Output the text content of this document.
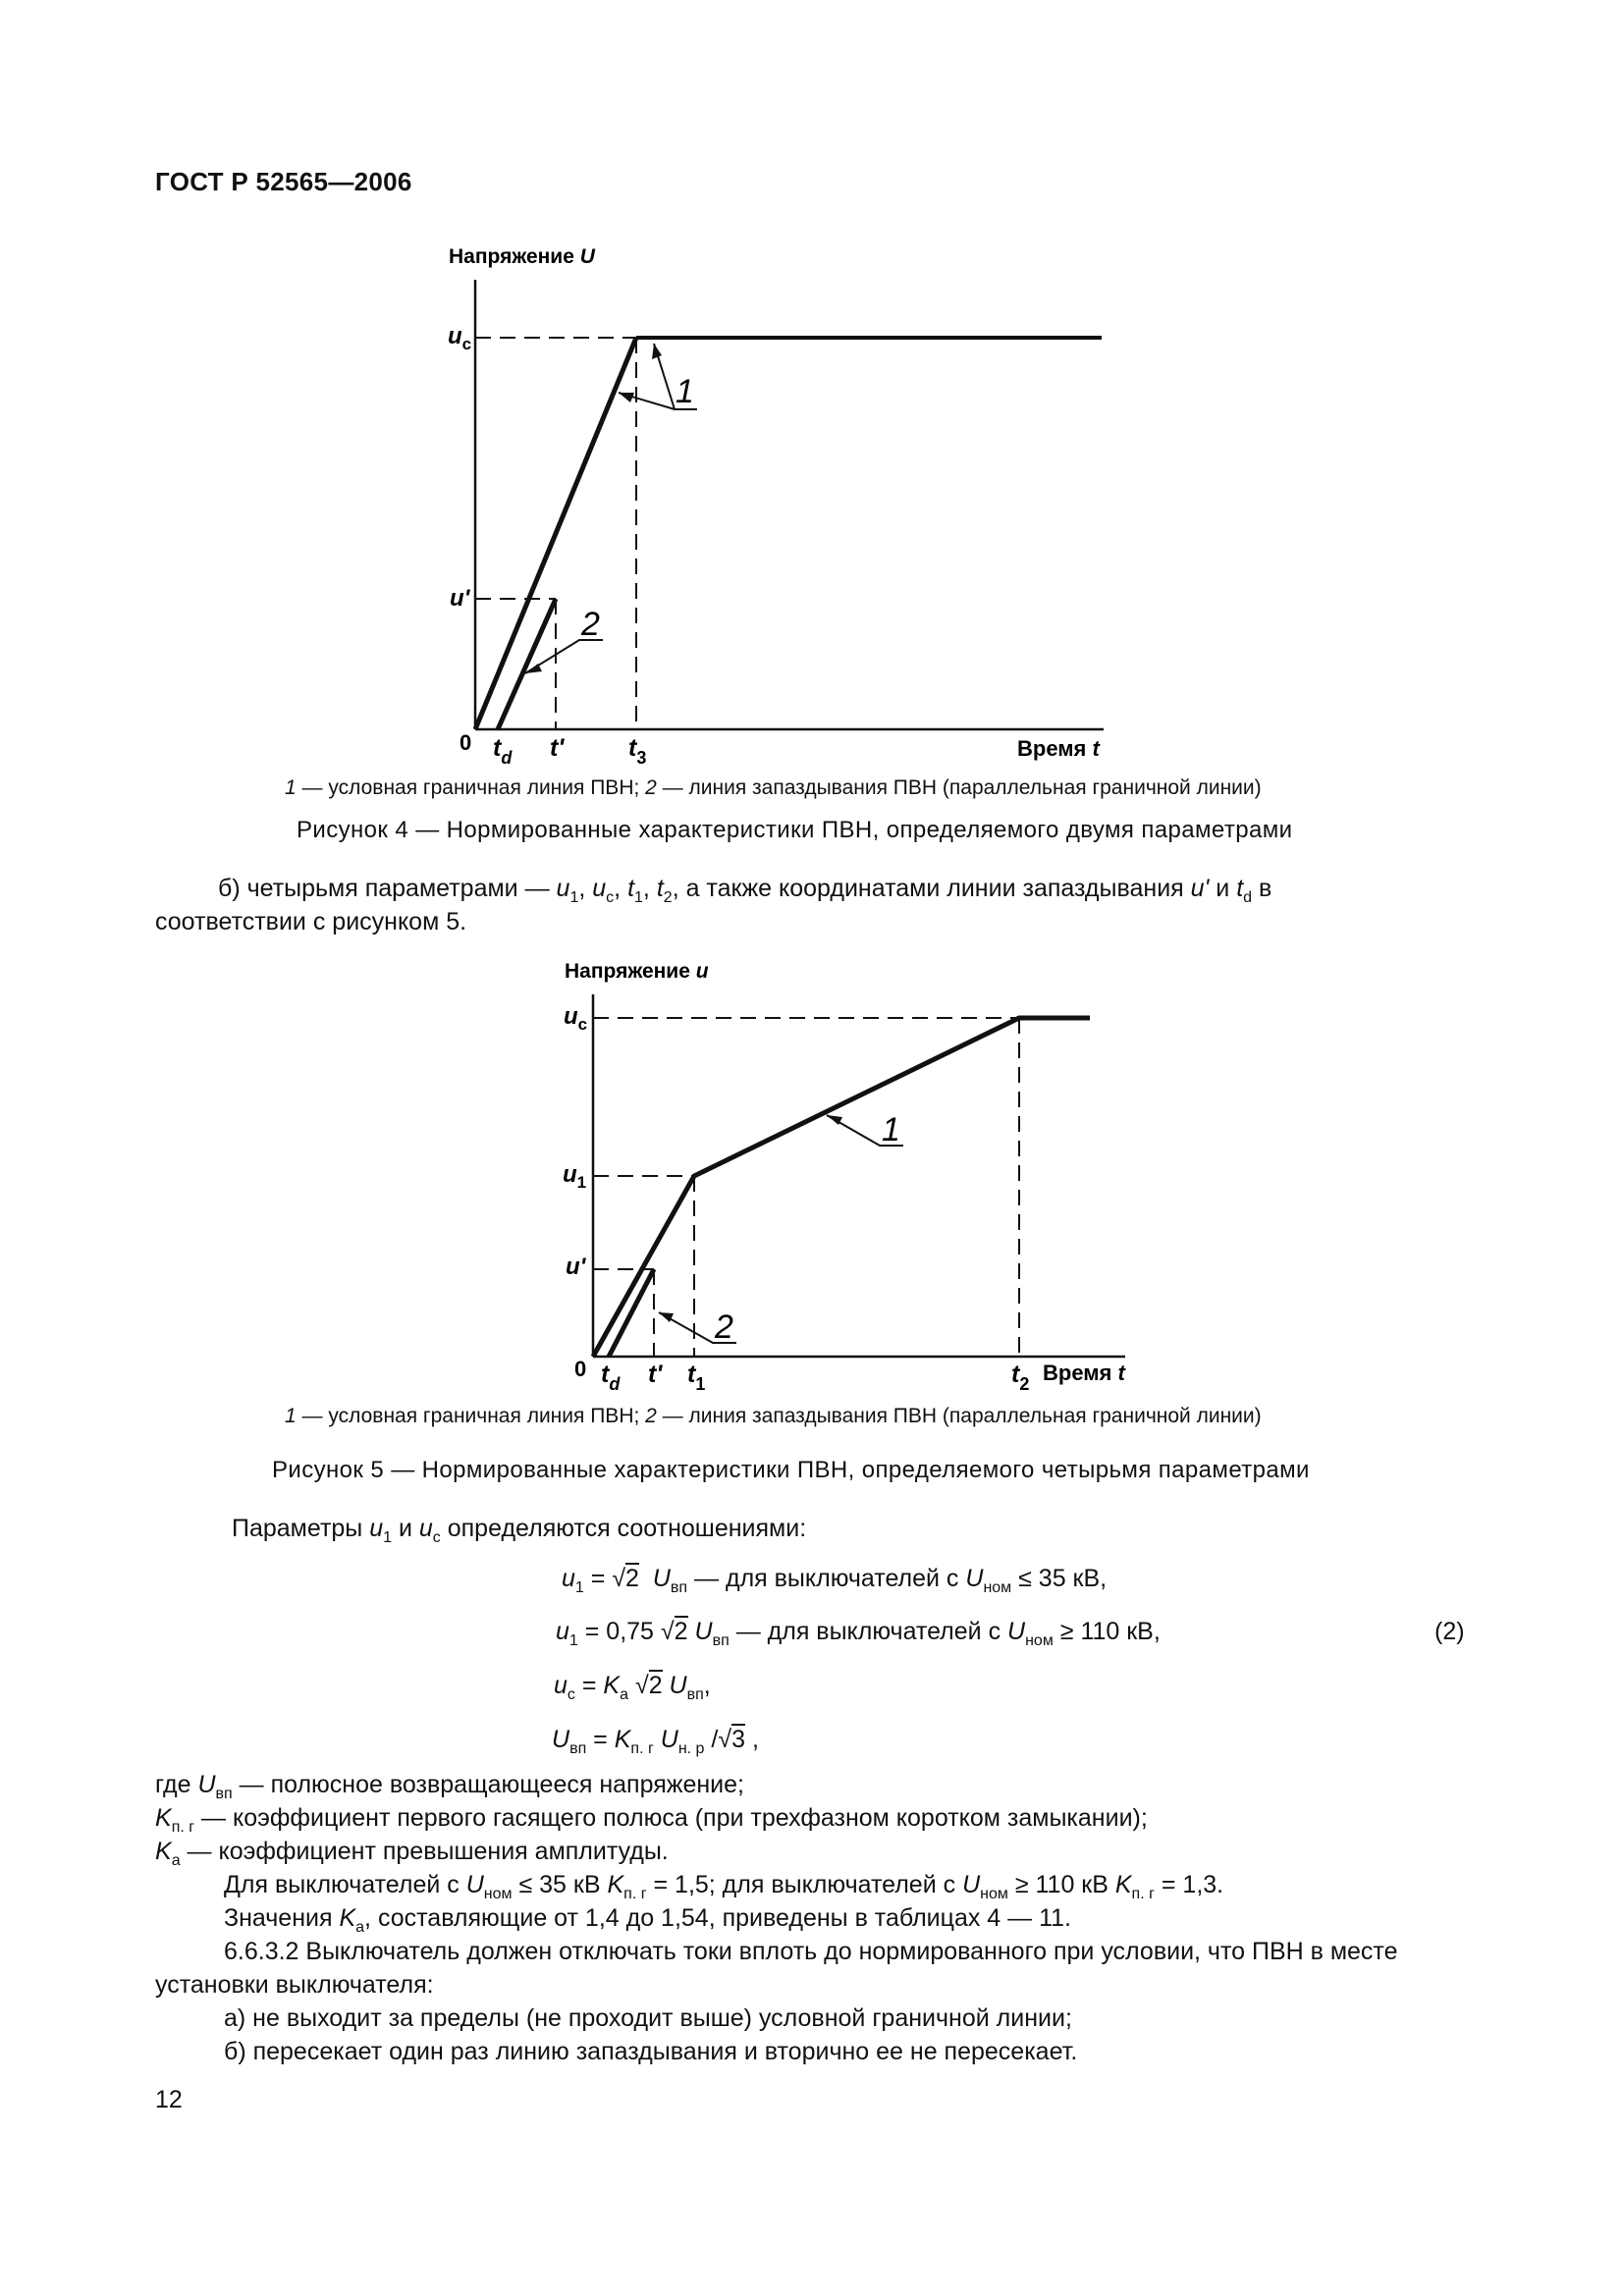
ГОСТ Р 52565—2006
Напряжение U
$u_c$
u'
0 $t_d$ t'	$t_3$	Время t
1
2
1 — условная граничная линия ПВН; 2 — линия запаздывания ПВН (параллельная граничной линии)
Рисунок 4 — Нормированные характеристики ПВН, определяемого двумя параметрами
б) четырьмя параметрами — $u_1$, $u_c$, $t_1$, $t_2$, а также координатами линии запаздывания u' и $t_d$ в
соответствии с рисунком 5.
Напряжение u
$u_c$
$u_1$
u'
0 $t_d$ t' $t_1$	$t_2$ Время t
1
2
1 — условная граничная линия ПВН; 2 — линия запаздывания ПВН (параллельная граничной линии)
Рисунок 5 — Нормированные характеристики ПВН, определяемого четырьмя параметрами
Параметры $u_1$ и $u_c$ определяются соотношениями:
$u_1 = √2$ $U_{вп}$ — для выключателей с $U_{ном} \le 35$ кВ,
$u_1 = 0,75$ √2 $U_{вп}$ — для выключателей с $U_{ном} \ge 110$ кВ,	(2)
$u_c = K_a$ √2 $U_{вп}$,
$U_{вп} = K_{п. г}$ $U_{н. р}$ /√3 ,
где $U_{вп}$ — полюсное возвращающееся напряжение;
$K_{п. г}$ — коэффициент первого гасящего полюса (при трехфазном коротком замыкании);
$K_а$ — коэффициент превышения амплитуды.
Для выключателей с $U_{ном} \le 35$ кВ $K_{п. г} = 1,5$; для выключателей с $U_{ном} \ge 110$ кВ $K_{п. г} = 1,3$.
Значения $K_а$, составляющие от 1,4 до 1,54, приведены в таблицах 4 — 11.
6.6.3.2 Выключатель должен отключать токи вплоть до нормированного при условии, что ПВН в месте
установки выключателя:
а) не выходит за пределы (не проходит выше) условной граничной линии;
б) пересекает один раз линию запаздывания и вторично ее не пересекает.
12
